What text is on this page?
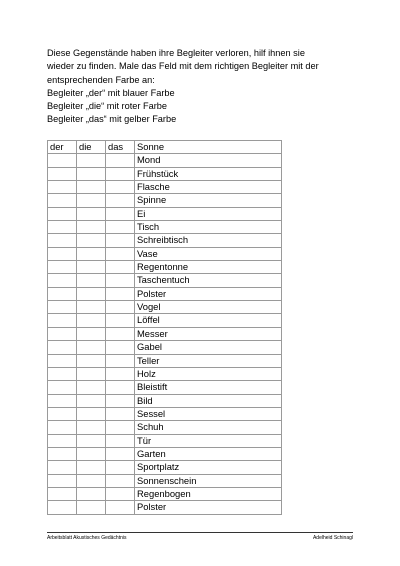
Diese Gegenstände haben ihre Begleiter verloren, hilf ihnen sie
wieder zu finden. Male das Feld mit dem richtigen Begleiter mit der
entsprechenden Farbe an:
Begleiter „der“ mit blauer Farbe
Begleiter „die“ mit roter Farbe
Begleiter „das“ mit gelber Farbe
der	die	das	Sonne
			Mond
			Frühstück
			Flasche
			Spinne
			Ei
			Tisch
			Schreibtisch
			Vase
			Regentonne
			Taschentuch
			Polster
			Vogel
			Löffel
			Messer
			Gabel
			Teller
			Holz
			Bleistift
			Bild
			Sessel
			Schuh
			Tür
			Garten
			Sportplatz
			Sonnenschein
			Regenbogen
			Polster
Arbeitsblatt Akustisches Gedächtnis	Adelheid Schinagl
